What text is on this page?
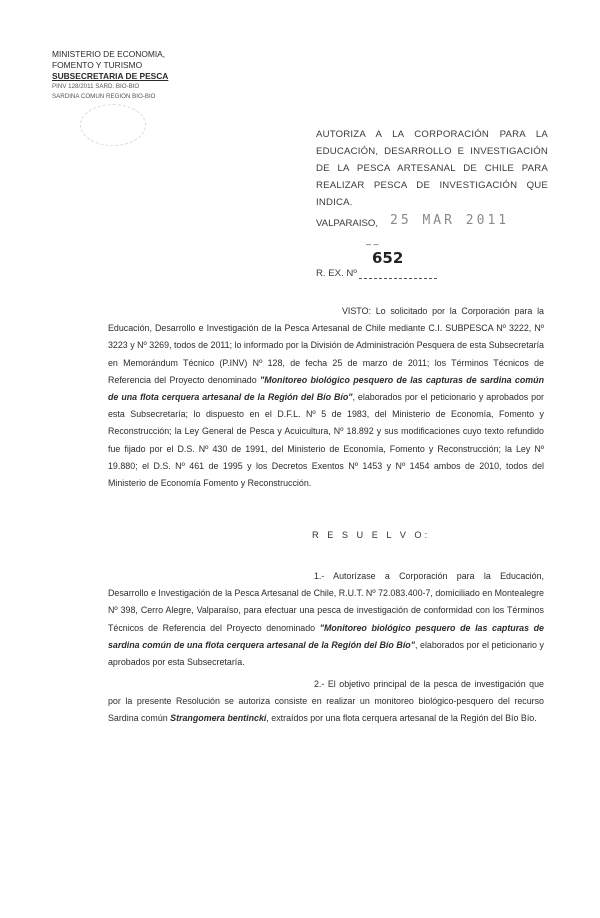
MINISTERIO DE ECONOMIA,
FOMENTO Y TURISMO
SUBSECRETARIA DE PESCA
PINV 128/2011 SARD. BIO-BIO
SARDINA COMUN REGION BIO-BIO
AUTORIZA A LA CORPORACIÓN PARA LA EDUCACIÓN, DESARROLLO E INVESTIGACIÓN DE LA PESCA ARTESANAL DE CHILE PARA REALIZAR PESCA DE INVESTIGACIÓN QUE INDICA.
VALPARAISO, 25 MAR 2011
– –
652
R. EX. Nº
VISTO: Lo solicitado por la Corporación para la Educación, Desarrollo e Investigación de la Pesca Artesanal de Chile mediante C.I. SUBPESCA Nº 3222, Nº 3223 y Nº 3269, todos de 2011; lo informado por la División de Administración Pesquera de esta Subsecretaría en Memorándum Técnico (P.INV) Nº 128, de fecha 25 de marzo de 2011; los Términos Técnicos de Referencia del Proyecto denominado "Monitoreo biológico pesquero de las capturas de sardina común de una flota cerquera artesanal de la Región del Bío Bío", elaborados por el peticionario y aprobados por esta Subsecretaría; lo dispuesto en el D.F.L. Nº 5 de 1983, del Ministerio de Economía, Fomento y Reconstrucción; la Ley General de Pesca y Acuicultura, Nº 18.892 y sus modificaciones cuyo texto refundido fue fijado por el D.S. Nº 430 de 1991, del Ministerio de Economía, Fomento y Reconstrucción; la Ley Nº 19.880; el D.S. Nº 461 de 1995 y los Decretos Exentos Nº 1453 y Nº 1454 ambos de 2010, todos del Ministerio de Economía Fomento y Reconstrucción.
R E S U E L V O:
1.- Autorízase a Corporación para la Educación, Desarrollo e Investigación de la Pesca Artesanal de Chile, R.U.T. Nº 72.083.400-7, domiciliado en Montealegre Nº 398, Cerro Alegre, Valparaíso, para efectuar una pesca de investigación de conformidad con los Términos Técnicos de Referencia del Proyecto denominado "Monitoreo biológico pesquero de las capturas de sardina común de una flota cerquera artesanal de la Región del Bío Bío", elaborados por el peticionario y aprobados por esta Subsecretaría.
2.- El objetivo principal de la pesca de investigación que por la presente Resolución se autoriza consiste en realizar un monitoreo biológico-pesquero del recurso Sardina común Strangomera bentincki, extraídos por una flota cerquera artesanal de la Región del Bío Bío.
